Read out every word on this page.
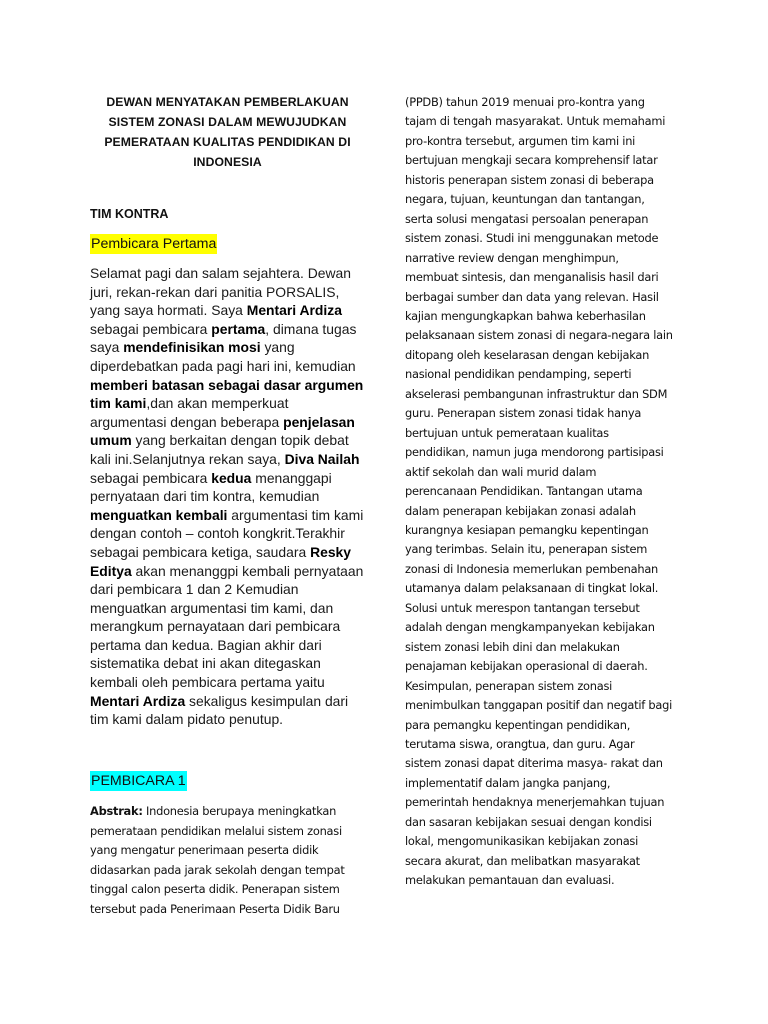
DEWAN MENYATAKAN PEMBERLAKUAN
SISTEM ZONASI DALAM MEWUJUDKAN
PEMERATAAN KUALITAS PENDIDIKAN DI
INDONESIA
TIM KONTRA
Pembicara Pertama
Selamat pagi dan salam sejahtera. Dewan juri, rekan-rekan dari panitia PORSALIS, yang saya hormati. Saya Mentari Ardiza sebagai pembicara pertama, dimana tugas saya mendefinisikan mosi yang diperdebatkan pada pagi hari ini, kemudian memberi batasan sebagai dasar argumen tim kami,dan akan memperkuat argumentasi dengan beberapa penjelasan umum yang berkaitan dengan topik debat kali ini.Selanjutnya rekan saya, Diva Nailah sebagai pembicara kedua menanggapi pernyataan dari tim kontra, kemudian menguatkan kembali argumentasi tim kami dengan contoh – contoh kongkrit.Terakhir sebagai pembicara ketiga, saudara Resky Editya akan menanggpi kembali pernyataan dari pembicara 1 dan 2 Kemudian menguatkan argumentasi tim kami, dan merangkum pernayataan dari pembicara pertama dan kedua. Bagian akhir dari sistematika debat ini akan ditegaskan kembali oleh pembicara pertama yaitu Mentari Ardiza sekaligus kesimpulan dari tim kami dalam pidato penutup.
PEMBICARA 1
Abstrak: Indonesia berupaya meningkatkan
pemerataan pendidikan melalui sistem zonasi
yang mengatur penerimaan peserta didik
didasarkan pada jarak sekolah dengan tempat
tinggal calon peserta didik. Penerapan sistem
tersebut pada Penerimaan Peserta Didik Baru
(PPDB) tahun 2019 menuai pro-kontra yang
tajam di tengah masyarakat. Untuk memahami
pro-kontra tersebut, argumen tim kami ini
bertujuan mengkaji secara komprehensif latar
historis penerapan sistem zonasi di beberapa
negara, tujuan, keuntungan dan tantangan,
serta solusi mengatasi persoalan penerapan
sistem zonasi. Studi ini menggunakan metode
narrative review dengan menghimpun,
membuat sintesis, dan menganalisis hasil dari
berbagai sumber dan data yang relevan. Hasil
kajian mengungkapkan bahwa keberhasilan
pelaksanaan sistem zonasi di negara-negara lain
ditopang oleh keselarasan dengan kebijakan
nasional pendidikan pendamping, seperti
akselerasi pembangunan infrastruktur dan SDM
guru. Penerapan sistem zonasi tidak hanya
bertujuan untuk pemerataan kualitas
pendidikan, namun juga mendorong partisipasi
aktif sekolah dan wali murid dalam
perencanaan Pendidikan. Tantangan utama
dalam penerapan kebijakan zonasi adalah
kurangnya kesiapan pemangku kepentingan
yang terimbas. Selain itu, penerapan sistem
zonasi di Indonesia memerlukan pembenahan
utamanya dalam pelaksanaan di tingkat lokal.
Solusi untuk merespon tantangan tersebut
adalah dengan mengkampanyekan kebijakan
sistem zonasi lebih dini dan melakukan
penajaman kebijakan operasional di daerah.
Kesimpulan, penerapan sistem zonasi
menimbulkan tanggapan positif dan negatif bagi
para pemangku kepentingan pendidikan,
terutama siswa, orangtua, dan guru. Agar
sistem zonasi dapat diterima masya- rakat dan
implementatif dalam jangka panjang,
pemerintah hendaknya menerjemahkan tujuan
dan sasaran kebijakan sesuai dengan kondisi
lokal, mengomunikasikan kebijakan zonasi
secara akurat, dan melibatkan masyarakat
melakukan pemantauan dan evaluasi.
